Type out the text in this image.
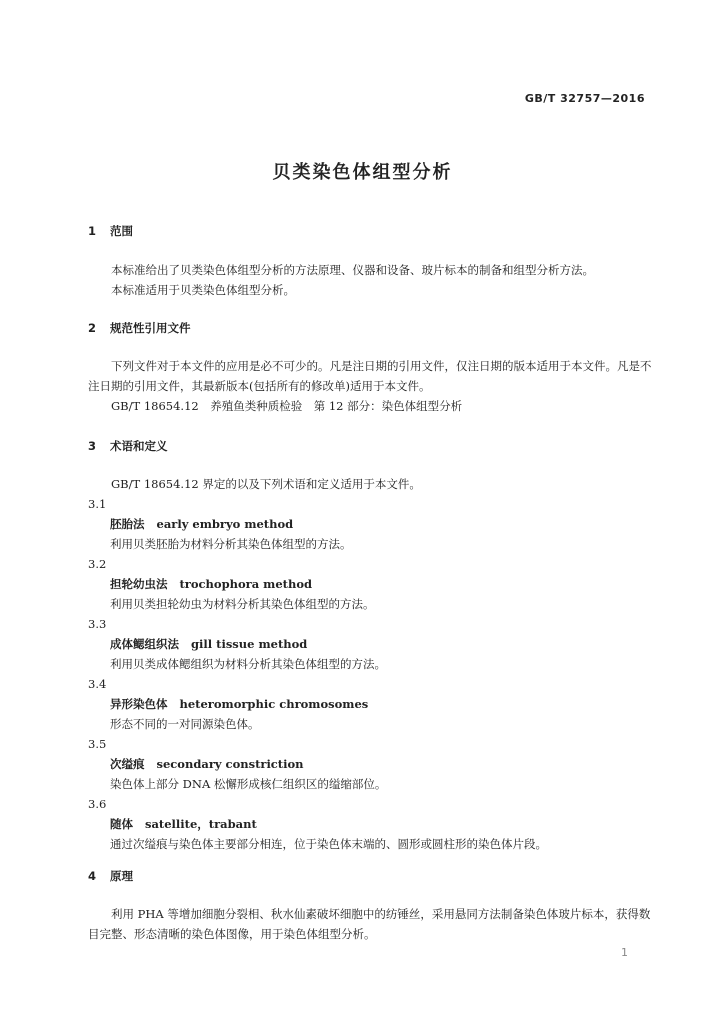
GB/T 32757—2016
贝类染色体组型分析
1 范围

本标准给出了贝类染色体组型分析的方法原理、仪器和设备、玻片标本的制备和组型分析方法。

本标准适用于贝类染色体组型分析。

2 规范性引用文件

下列文件对于本文件的应用是必不可少的。凡是注日期的引用文件，仅注日期的版本适用于本文件。凡是不注日期的引用文件，其最新版本(包括所有的修改单)适用于本文件。

GB/T 18654.12　养殖鱼类种质检验　第 12 部分：染色体组型分析

3 术语和定义

GB/T 18654.12 界定的以及下列术语和定义适用于本文件。

3.1
胚胎法 early embryo method
利用贝类胚胎为材料分析其染色体组型的方法。
3.2
担轮幼虫法 trochophora method
利用贝类担轮幼虫为材料分析其染色体组型的方法。
3.3
成体鳃组织法 gill tissue method
利用贝类成体鳃组织为材料分析其染色体组型的方法。
3.4
异形染色体 heteromorphic chromosomes
形态不同的一对同源染色体。
3.5
次缢痕 secondary constriction
染色体上部分 DNA 松懈形成核仁组织区的缢缩部位。
3.6
随体 satellite，trabant
通过次缢痕与染色体主要部分相连，位于染色体末端的、圆形或圆柱形的染色体片段。
4 原理

利用 PHA 等增加细胞分裂相、秋水仙素破坏细胞中的纺锤丝，采用悬同方法制备染色体玻片标本，获得数目完整、形态清晰的染色体图像，用于染色体组型分析。

1
